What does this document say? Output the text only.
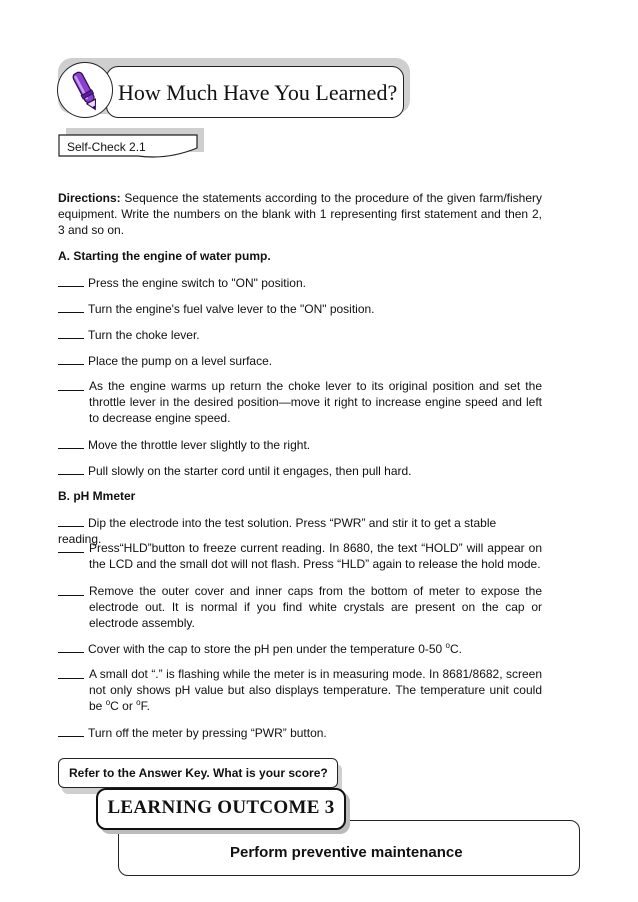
How Much Have You Learned?
Self-Check 2.1

Directions: Sequence the statements according to the procedure of the given farm/fishery equipment. Write the numbers on the blank with 1 representing first statement and then 2, 3 and so on.

A. Starting the engine of water pump.
Press the engine switch to "ON" position.
Turn the engine's fuel valve lever to the "ON" position.
Turn the choke lever.
Place the pump on a level surface.
As the engine warms up return the choke lever to its original position and set the throttle lever in the desired position—move it right to increase engine speed and left to decrease engine speed.
Move the throttle lever slightly to the right.
Pull slowly on the starter cord until it engages, then pull hard.
B. pH Mmeter
Dip the electrode into the test solution. Press “PWR” and stir it to get a stable reading.
Press“HLD”button to freeze current reading. In 8680, the text “HOLD” will appear on the LCD and the small dot will not flash. Press “HLD” again to release the hold mode.
Remove the outer cover and inner caps from the bottom of meter to expose the electrode out. It is normal if you find white crystals are present on the cap or electrode assembly.
Cover with the cap to store the pH pen under the temperature 0-50 $^o$C.
A small dot “.” is flashing while the meter is in measuring mode. In 8681/8682, screen not only shows pH value but also displays temperature. The temperature unit could be $^o$C or $^o$F.
Turn off the meter by pressing “PWR” button.
Refer to the Answer Key. What is your score?
LEARNING OUTCOME 3
Perform preventive maintenance
